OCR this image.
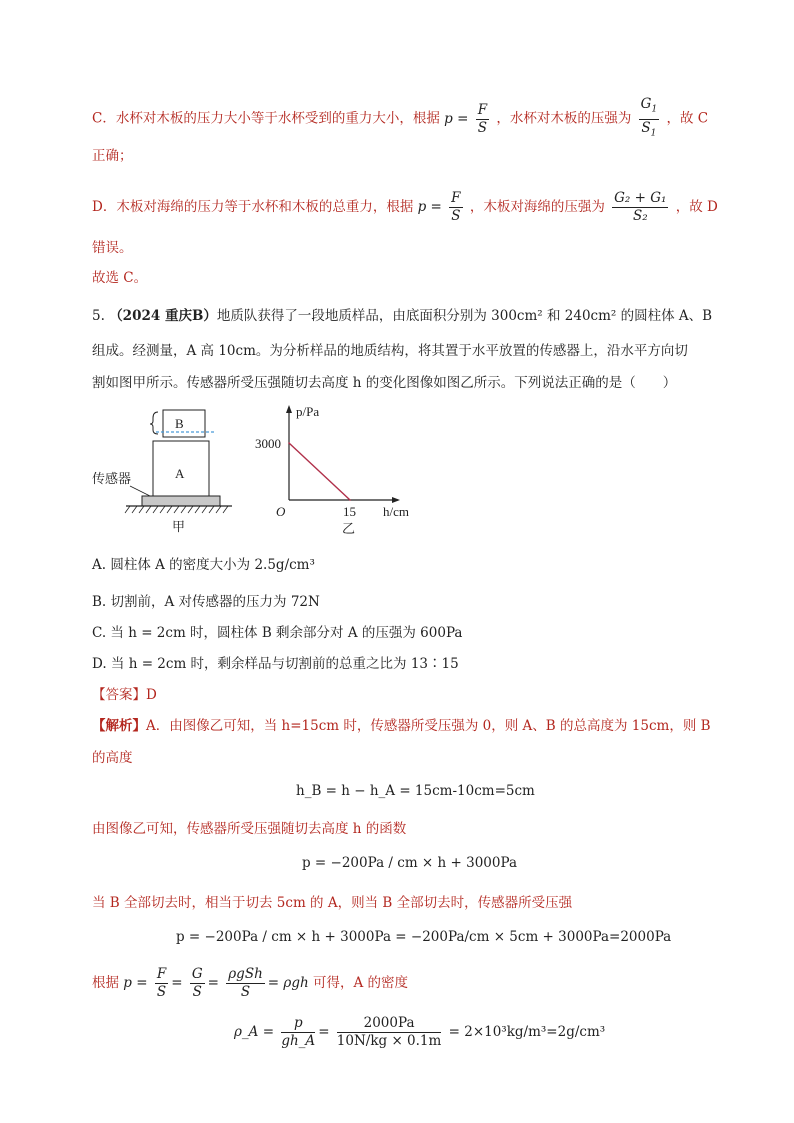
C．水杯对木板的压力大小等于水杯受到的重力大小，根据 $p = \frac{F}{S}$ ，水杯对木板的压强为 $\frac{G_1}{S_1}$ ，故 C
正确；
D．木板对海绵的压力等于水杯和木板的总重力，根据 $p = \frac{F}{S}$ ，木板对海绵的压强为 $\frac{\text{G₂ + G₁}}{\text{S₂}}$ ，故 D
错误。
故选 C。
5. （2024 重庆B）地质队获得了一段地质样品，由底面积分别为 300cm² 和 240cm² 的圆柱体 A、B
组成。经测量，A 高 10cm。为分析样品的地质结构，将其置于水平放置的传感器上，沿水平方向切
割如图甲所示。传感器所受压强随切去高度 h 的变化图像如图乙所示。下列说法正确的是（　　）
B
A
传感器
甲
p/Pa
h/cm
O
3000
15
乙
A. 圆柱体 A 的密度大小为 2.5g/cm³
B. 切割前，A 对传感器的压力为 72N
C. 当 h = 2cm 时，圆柱体 B 剩余部分对 A 的压强为 600Pa
D. 当 h = 2cm 时，剩余样品与切割前的总重之比为 13∶15
【答案】D
【解析】A．由图像乙可知，当 h=15cm 时，传感器所受压强为 0，则 A、B 的总高度为 15cm，则 B
的高度
h_B = h − h_A = 15cm-10cm=5cm
由图像乙可知，传感器所受压强随切去高度 h 的函数
p = −200Pa / cm × h + 3000Pa
当 B 全部切去时，相当于切去 5cm 的 A，则当 B 全部切去时，传感器所受压强
p = −200Pa / cm × h + 3000Pa = −200Pa/cm × 5cm + 3000Pa=2000Pa
根据 $p = \frac{F}{S} = \frac{G}{S} = \frac{\text{ρgSh}}{S} = \rho gh$ 可得，A 的密度
ρ_A = $\frac{p}{gh\_A} = \frac{2000Pa}{10N/kg \times 0.1m} = 2\times 10^3kg/m^3=2g/cm^3$
